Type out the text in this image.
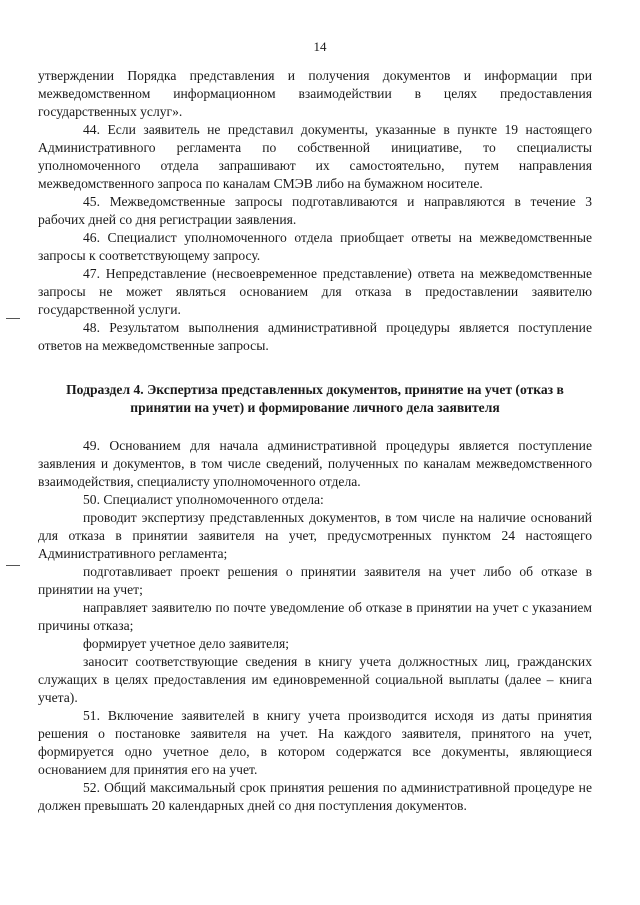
14

утверждении Порядка представления и получения документов и информации при межведомственном информационном взаимодействии в целях предоставления государственных услуг».

44. Если заявитель не представил документы, указанные в пункте 19 настоящего Административного регламента по собственной инициативе, то специалисты уполномоченного отдела запрашивают их самостоятельно, путем направления межведомственного запроса по каналам СМЭВ либо на бумажном носителе.

45. Межведомственные запросы подготавливаются и направляются в течение 3 рабочих дней со дня регистрации заявления.

46. Специалист уполномоченного отдела приобщает ответы на межведомственные запросы к соответствующему запросу.

47. Непредставление (несвоевременное представление) ответа на межведомственные запросы не может являться основанием для отказа в предоставлении заявителю государственной услуги.

48. Результатом выполнения административной процедуры является поступление ответов на межведомственные запросы.

Подраздел 4. Экспертиза представленных документов, принятие на учет (отказ в
принятии на учет) и формирование личного дела заявителя

49. Основанием для начала административной процедуры является поступление заявления и документов, в том числе сведений, полученных по каналам межведомственного взаимодействия, специалисту уполномоченного отдела.

50. Специалист уполномоченного отдела:

проводит экспертизу представленных документов, в том числе на наличие оснований для отказа в принятии заявителя на учет, предусмотренных пунктом 24 настоящего Административного регламента;

подготавливает проект решения о принятии заявителя на учет либо об отказе в принятии на учет;

направляет заявителю по почте уведомление об отказе в принятии на учет с указанием причины отказа;

формирует учетное дело заявителя;

заносит соответствующие сведения в книгу учета должностных лиц, гражданских служащих в целях предоставления им единовременной социальной выплаты (далее – книга учета).

51. Включение заявителей в книгу учета производится исходя из даты принятия решения о постановке заявителя на учет. На каждого заявителя, принятого на учет, формируется одно учетное дело, в котором содержатся все документы, являющиеся основанием для принятия его на учет.

52. Общий максимальный срок принятия решения по административной процедуре не должен превышать 20 календарных дней со дня поступления документов.
